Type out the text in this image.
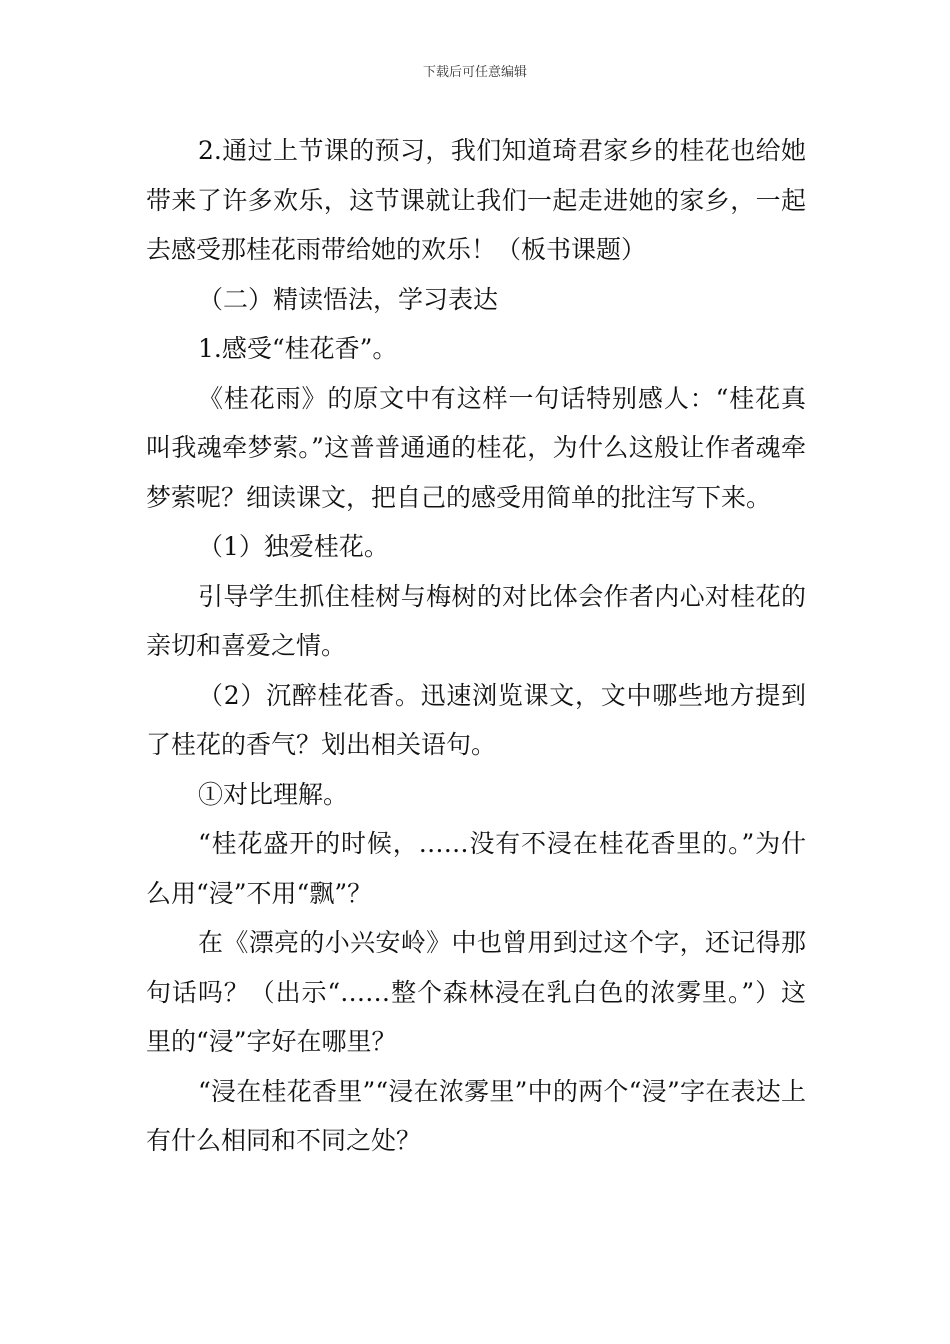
下载后可任意编辑

2.通过上节课的预习，我们知道琦君家乡的桂花也给她带来了许多欢乐，这节课就让我们一起走进她的家乡，一起去感受那桂花雨带给她的欢乐！（板书课题）

（二）精读悟法，学习表达

1.感受“桂花香”。

《桂花雨》的原文中有这样一句话特别感人：“桂花真叫我魂牵梦萦。”这普普通通的桂花，为什么这般让作者魂牵梦萦呢？细读课文，把自己的感受用简单的批注写下来。

（1）独爱桂花。

引导学生抓住桂树与梅树的对比体会作者内心对桂花的亲切和喜爱之情。

（2）沉醉桂花香。迅速浏览课文，文中哪些地方提到了桂花的香气？划出相关语句。

①对比理解。

“桂花盛开的时候，……没有不浸在桂花香里的。”为什么用“浸”不用“飘”？

在《漂亮的小兴安岭》中也曾用到过这个字，还记得那句话吗？（出示“……整个森林浸在乳白色的浓雾里。”）这里的“浸”字好在哪里？

“浸在桂花香里”“浸在浓雾里”中的两个“浸”字在表达上有什么相同和不同之处？
